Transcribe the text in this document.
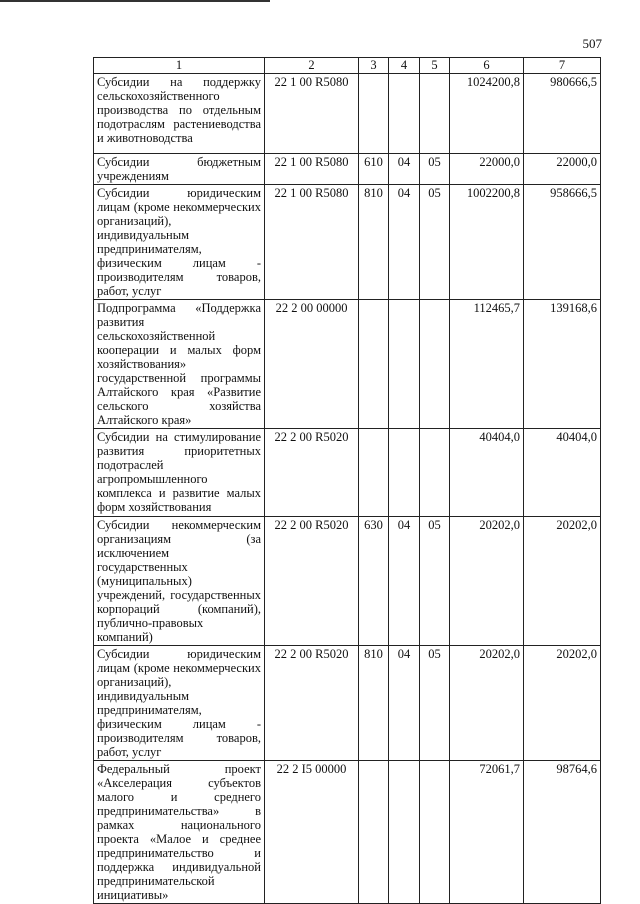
507
1	2	3	4	5	6	7
Субсидии на поддержку сельскохозяйственного производства по отдельным подотраслям растениеводства и животноводства	22 1 00 R5080				1024200,8	980666,5
Субсидии бюджетным учреждениям	22 1 00 R5080	610	04	05	22000,0	22000,0
Субсидии юридическим лицам (кроме некоммерческих организаций), индивидуальным предпринимателям, физическим лицам - производителям товаров, работ, услуг	22 1 00 R5080	810	04	05	1002200,8	958666,5
Подпрограмма «Поддержка развития сельскохозяйственной кооперации и малых форм хозяйствования» государственной программы Алтайского края «Развитие сельского хозяйства Алтайского края»	22 2 00 00000				112465,7	139168,6
Субсидии на стимулирование развития приоритетных подотраслей агропромышленного комплекса и развитие малых форм хозяйствования	22 2 00 R5020				40404,0	40404,0
Субсидии некоммерческим организациям (за исключением государственных (муниципальных) учреждений, государственных корпораций (компаний), публично-правовых компаний)	22 2 00 R5020	630	04	05	20202,0	20202,0
Субсидии юридическим лицам (кроме некоммерческих организаций), индивидуальным предпринимателям, физическим лицам - производителям товаров, работ, услуг	22 2 00 R5020	810	04	05	20202,0	20202,0
Федеральный проект «Акселерация субъектов малого и среднего предпринимательства» в рамках национального проекта «Малое и среднее предпринимательство и поддержка индивидуальной предпринимательской инициативы»	22 2 I5 00000				72061,7	98764,6
